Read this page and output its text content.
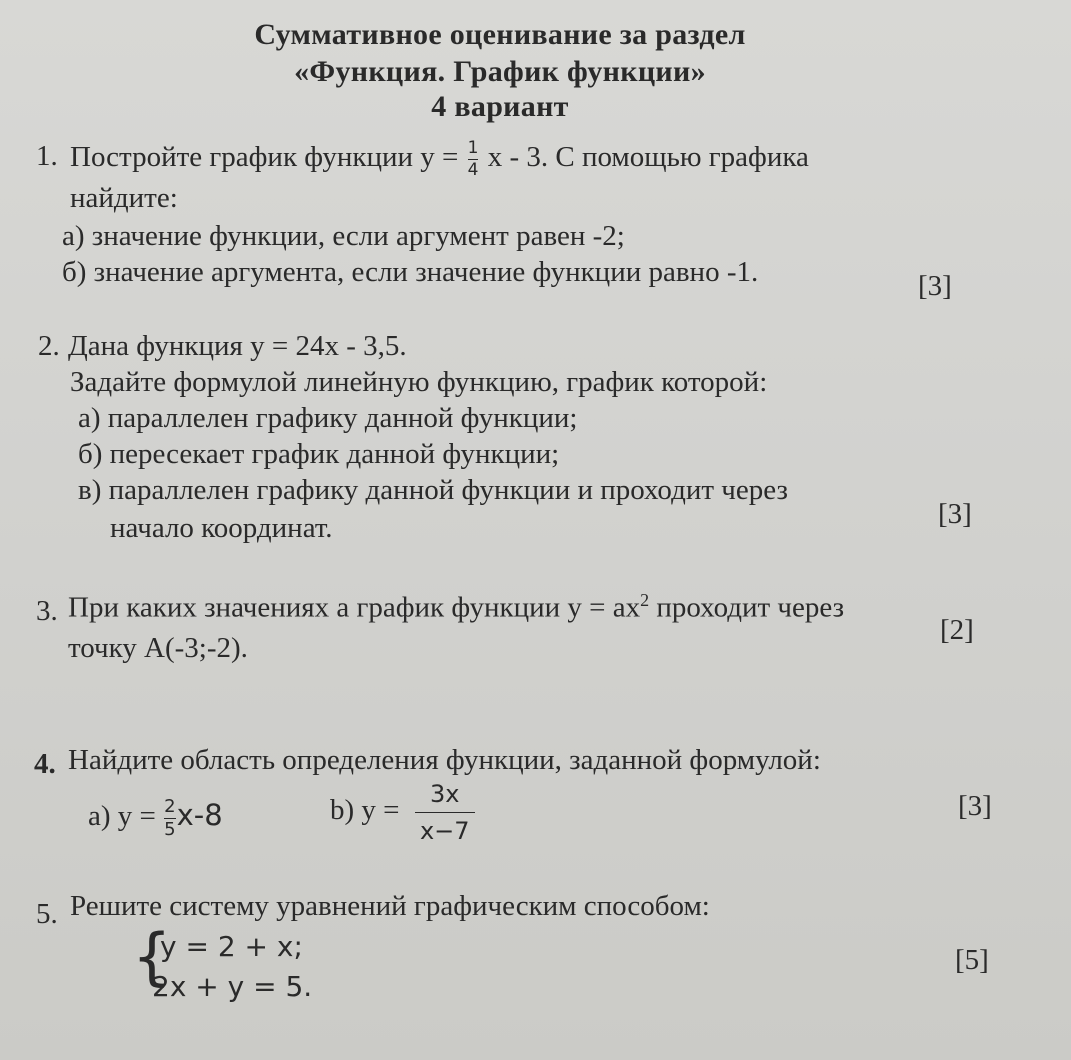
Суммативное оценивание за раздел
«Функция. График функции»
4 вариант
1. Постройте график функции $y = \frac{1}{4}$ x - 3. С помощью графика
найдите:
а) значение функции, если аргумент равен -2;
б) значение аргумента, если значение функции равно -1.	[3]
2. Дана функция y = 24x - 3,5.
Задайте формулой линейную функцию, график которой:
а) параллелен графику данной функции;
б) пересекает график данной функции;
в) параллелен графику данной функции и проходит через
начало координат.	[3]
3. При каких значениях а график функции $y = ax^2$ проходит через
точку A(-3;-2).
[2]
4. Найдите область определения функции, заданной формулой:
а) $y = \frac{2}{5} x-8$	b) $y = \frac{3x}{x-7}$	[3]
5. Решите систему уравнений графическим способом:
{
y = 2 + x;
2x + y = 5.
[5]
